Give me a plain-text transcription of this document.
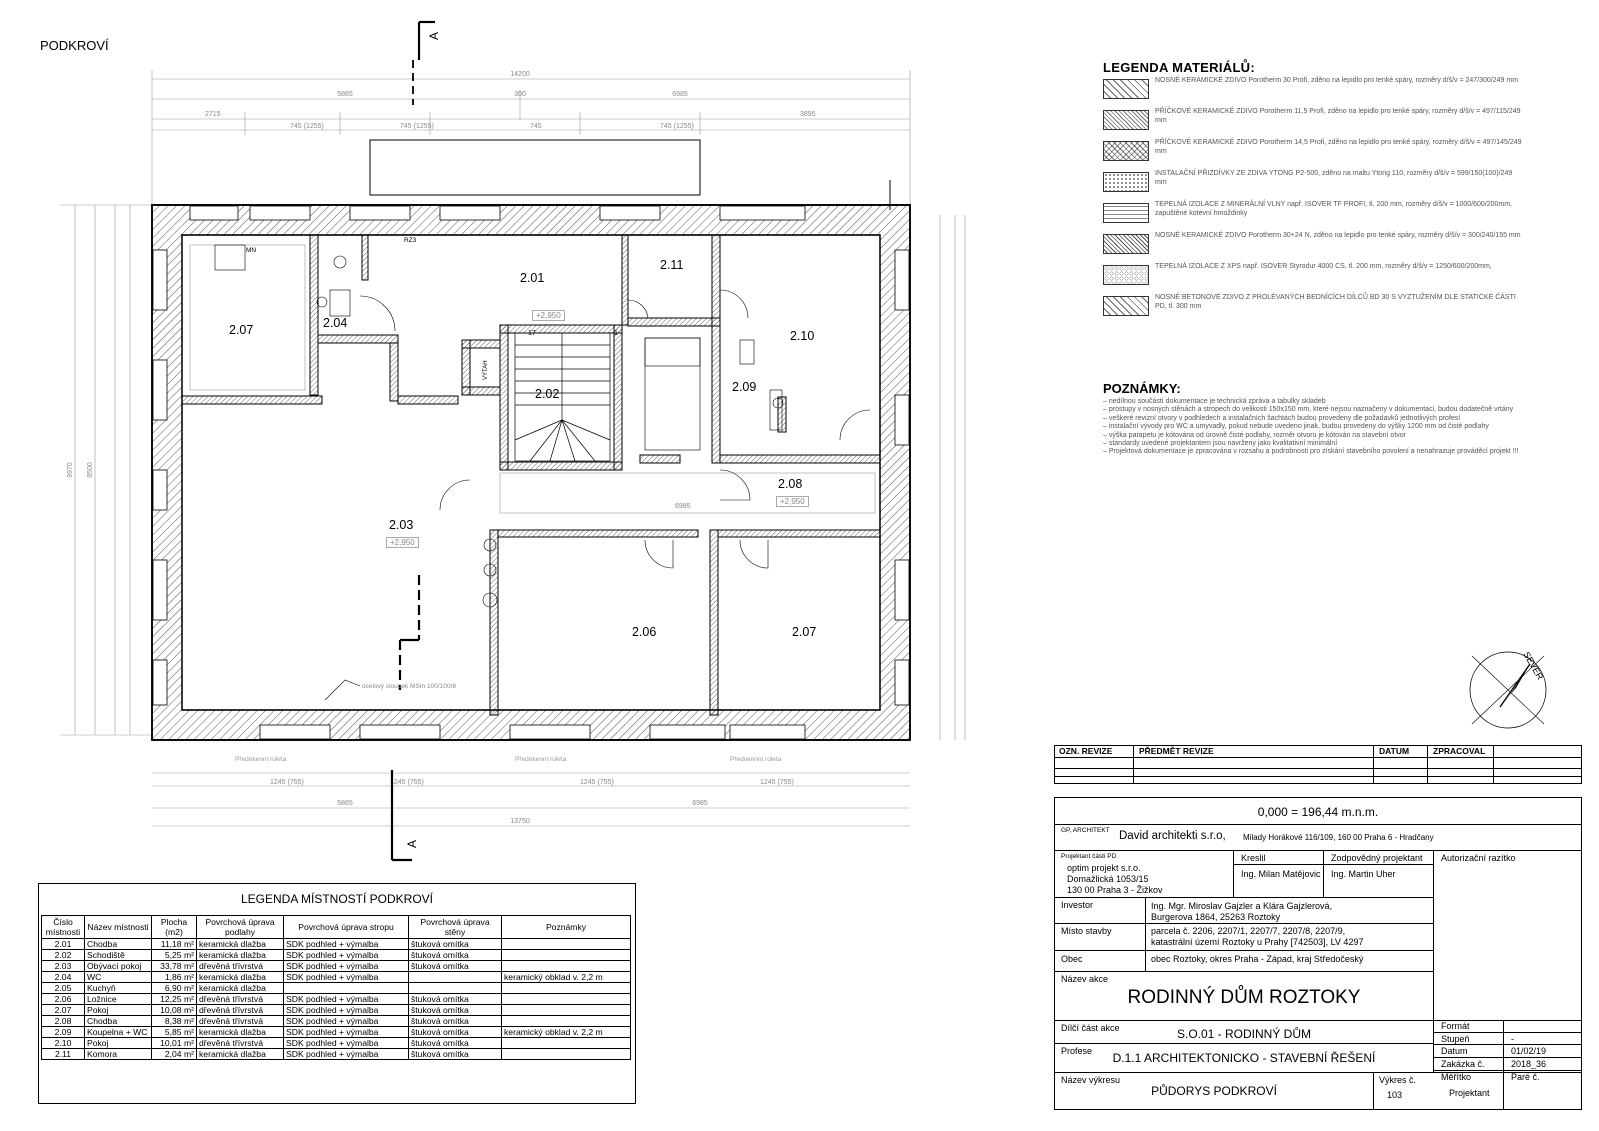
14200
5865	6985
300
2715
745 (1255)	745 (1255)	745	745 (1255)
3895
9970 8500
5865	6985
13750
1245 (755)	1245 (755)	1245 (755)	1245 (755)
A
A
PODKROVÍ
2.07	2.04
2.01
+2,950
2.11
2.10
2.02	2.09
2.08
+2,950
2.03
+2,950
2.06	2.07
17	1
VÝTAH
RZ3
MN
ocelový sloupek MSm 100/100/8
6985
Předokenní roleta	Předokenní roleta	Předokenní roleta
SEVER
LEGENDA MATERIÁLŮ:
NOSNÉ KERAMICKÉ ZDIVO Porotherm 30 Profi, zděno na lepidlo pro tenké spáry, rozměry d/š/v = 247/300/249 mm
PŘÍČKOVÉ KERAMICKÉ ZDIVO Porotherm 11,5 Profi, zděno na lepidlo pro tenké spáry, rozměry d/š/v = 497/115/249 mm
PŘÍČKOVÉ KERAMICKÉ ZDIVO Porotherm 14,5 Profi, zděno na lepidlo pro tenké spáry, rozměry d/š/v = 497/145/249 mm
INSTALAČNÍ PŘIZDÍVKY ZE ZDIVA YTONG P2-500, zděno na maltu Ytong 110, rozměry d/š/v = 599/150(100)/249 mm
TEPELNÁ IZOLACE Z MINERÁLNÍ VLNY např. ISOVER TF PROFI, tl. 200 mm, rozměry d/š/v = 1000/600/200mm, zapuštěné kotevní hmoždinky
NOSNÉ KERAMICKÉ ZDIVO Porotherm 30+24 N, zděno na lepidlo pro tenké spáry, rozměry d/š/v = 300/240/155 mm
TEPELNÁ IZOLACE Z XPS např. ISOVER Styrodur 4000 CS, tl. 200 mm, rozměry d/š/v = 1250/600/200mm,
NOSNÉ BETONOVÉ ZDIVO Z PROLÉVANÝCH BEDNÍCÍCH DÍLCŮ BD 30 S VYZTUŽENÍM DLE STATICKÉ ČÁSTI PD, tl. 300 mm
POZNÁMKY:
– nedílnou součástí dokumentace je technická zpráva a tabulky skladeb
– prostupy v nosných stěnách a stropech do velikosti 150x150 mm, které nejsou naznačeny v dokumentaci, budou dodatečně vrtány
– veškeré revizní otvory v podhledech a instalačních šachtách budou provedeny dle požadavků jednotlivých profesí
– instalační vývody pro WC a umyvadly, pokud nebude uvedeno jinak, budou provedeny do výšky 1200 mm od čisté podlahy
– výška parapetu je kótována od úrovně čisté podlahy, rozměr otvoru je kótován na stavební otvor
– standardy uvedené projektantem jsou navrženy jako kvalitativní minimální
– Projektová dokumentace je zpracována v rozsahu a podrobnosti pro získání stavebního povolení a nenahrazuje prováděcí projekt !!!
LEGENDA MÍSTNOSTÍ PODKROVÍ
Číslo místnosti	Název místnosti	Plocha (m2)	Povrchová úprava podlahy	Povrchová úprava stropu	Povrchová úprava stěny	Poznámky
2.01	Chodba	11,18 m²	keramická dlažba	SDK podhled + výmalba	štuková omítka	
2.02	Schodiště	5,25 m²	keramická dlažba	SDK podhled + výmalba	štuková omítka	
2.03	Obývací pokoj	33,78 m²	dřevěná třívrstvá	SDK podhled + výmalba	štuková omítka	
2.04	WC	1,86 m²	keramická dlažba	SDK podhled + výmalba		keramický obklad v. 2,2 m
2.05	Kuchyň	6,90 m²	keramická dlažba			
2.06	Ložnice	12,25 m²	dřevěná třívrstvá	SDK podhled + výmalba	štuková omítka	
2.07	Pokoj	10,08 m²	dřevěná třívrstvá	SDK podhled + výmalba	štuková omítka	
2.08	Chodba	8,38 m²	dřevěná třívrstvá	SDK podhled + výmalba	štuková omítka	
2.09	Koupelna + WC	5,85 m²	keramická dlažba	SDK podhled + výmalba	štuková omítka	keramický obklad v. 2,2 m
2.10	Pokoj	10,01 m²	dřevěná třívrstvá	SDK podhled + výmalba	štuková omítka	
2.11	Komora	2,04 m²	keramická dlažba	SDK podhled + výmalba	štuková omítka	
OZN. REVIZE	PŘEDMĚT REVIZE	DATUM	ZPRACOVAL
0,000 = 196,44 m.n.m.
GP, ARCHITEKT David architekti s.r.o, Milady Horákové 116/109, 160 00 Praha 6 - Hradčany
Projektant části PD
optim projekt s.r.o.
Domažlická 1053/15
130 00 Praha 3 - Žižkov
Kreslil	Zodpovědný projektant Autorizační razítko
Ing. Milan Matějovic Ing. Martin Uher
Investor	Ing. Mgr. Miroslav Gajzler a Klára Gajzlerová,
Burgerova 1864, 25263 Roztoky
Místo stavby	parcela č. 2206, 2207/1, 2207/7, 2207/8, 2207/9,
katastrální území Roztoky u Prahy [742503], LV 4297
Obec	obec Roztoky, okres Praha - Západ, kraj Středočeský
Název akce
RODINNÝ DŮM ROZTOKY
Dílčí část akce	S.O.01 - RODINNÝ DŮM
Profese	D.1.1 ARCHITEKTONICKO - STAVEBNÍ ŘEŠENÍ
Název výkresu
PŮDORYS PODKROVÍ
Výkres č.
103
Formát
Stupeň	-
Datum	01/02/19
Zakázka č.	2018_36
Měřítko	Paré č.
Projektant
